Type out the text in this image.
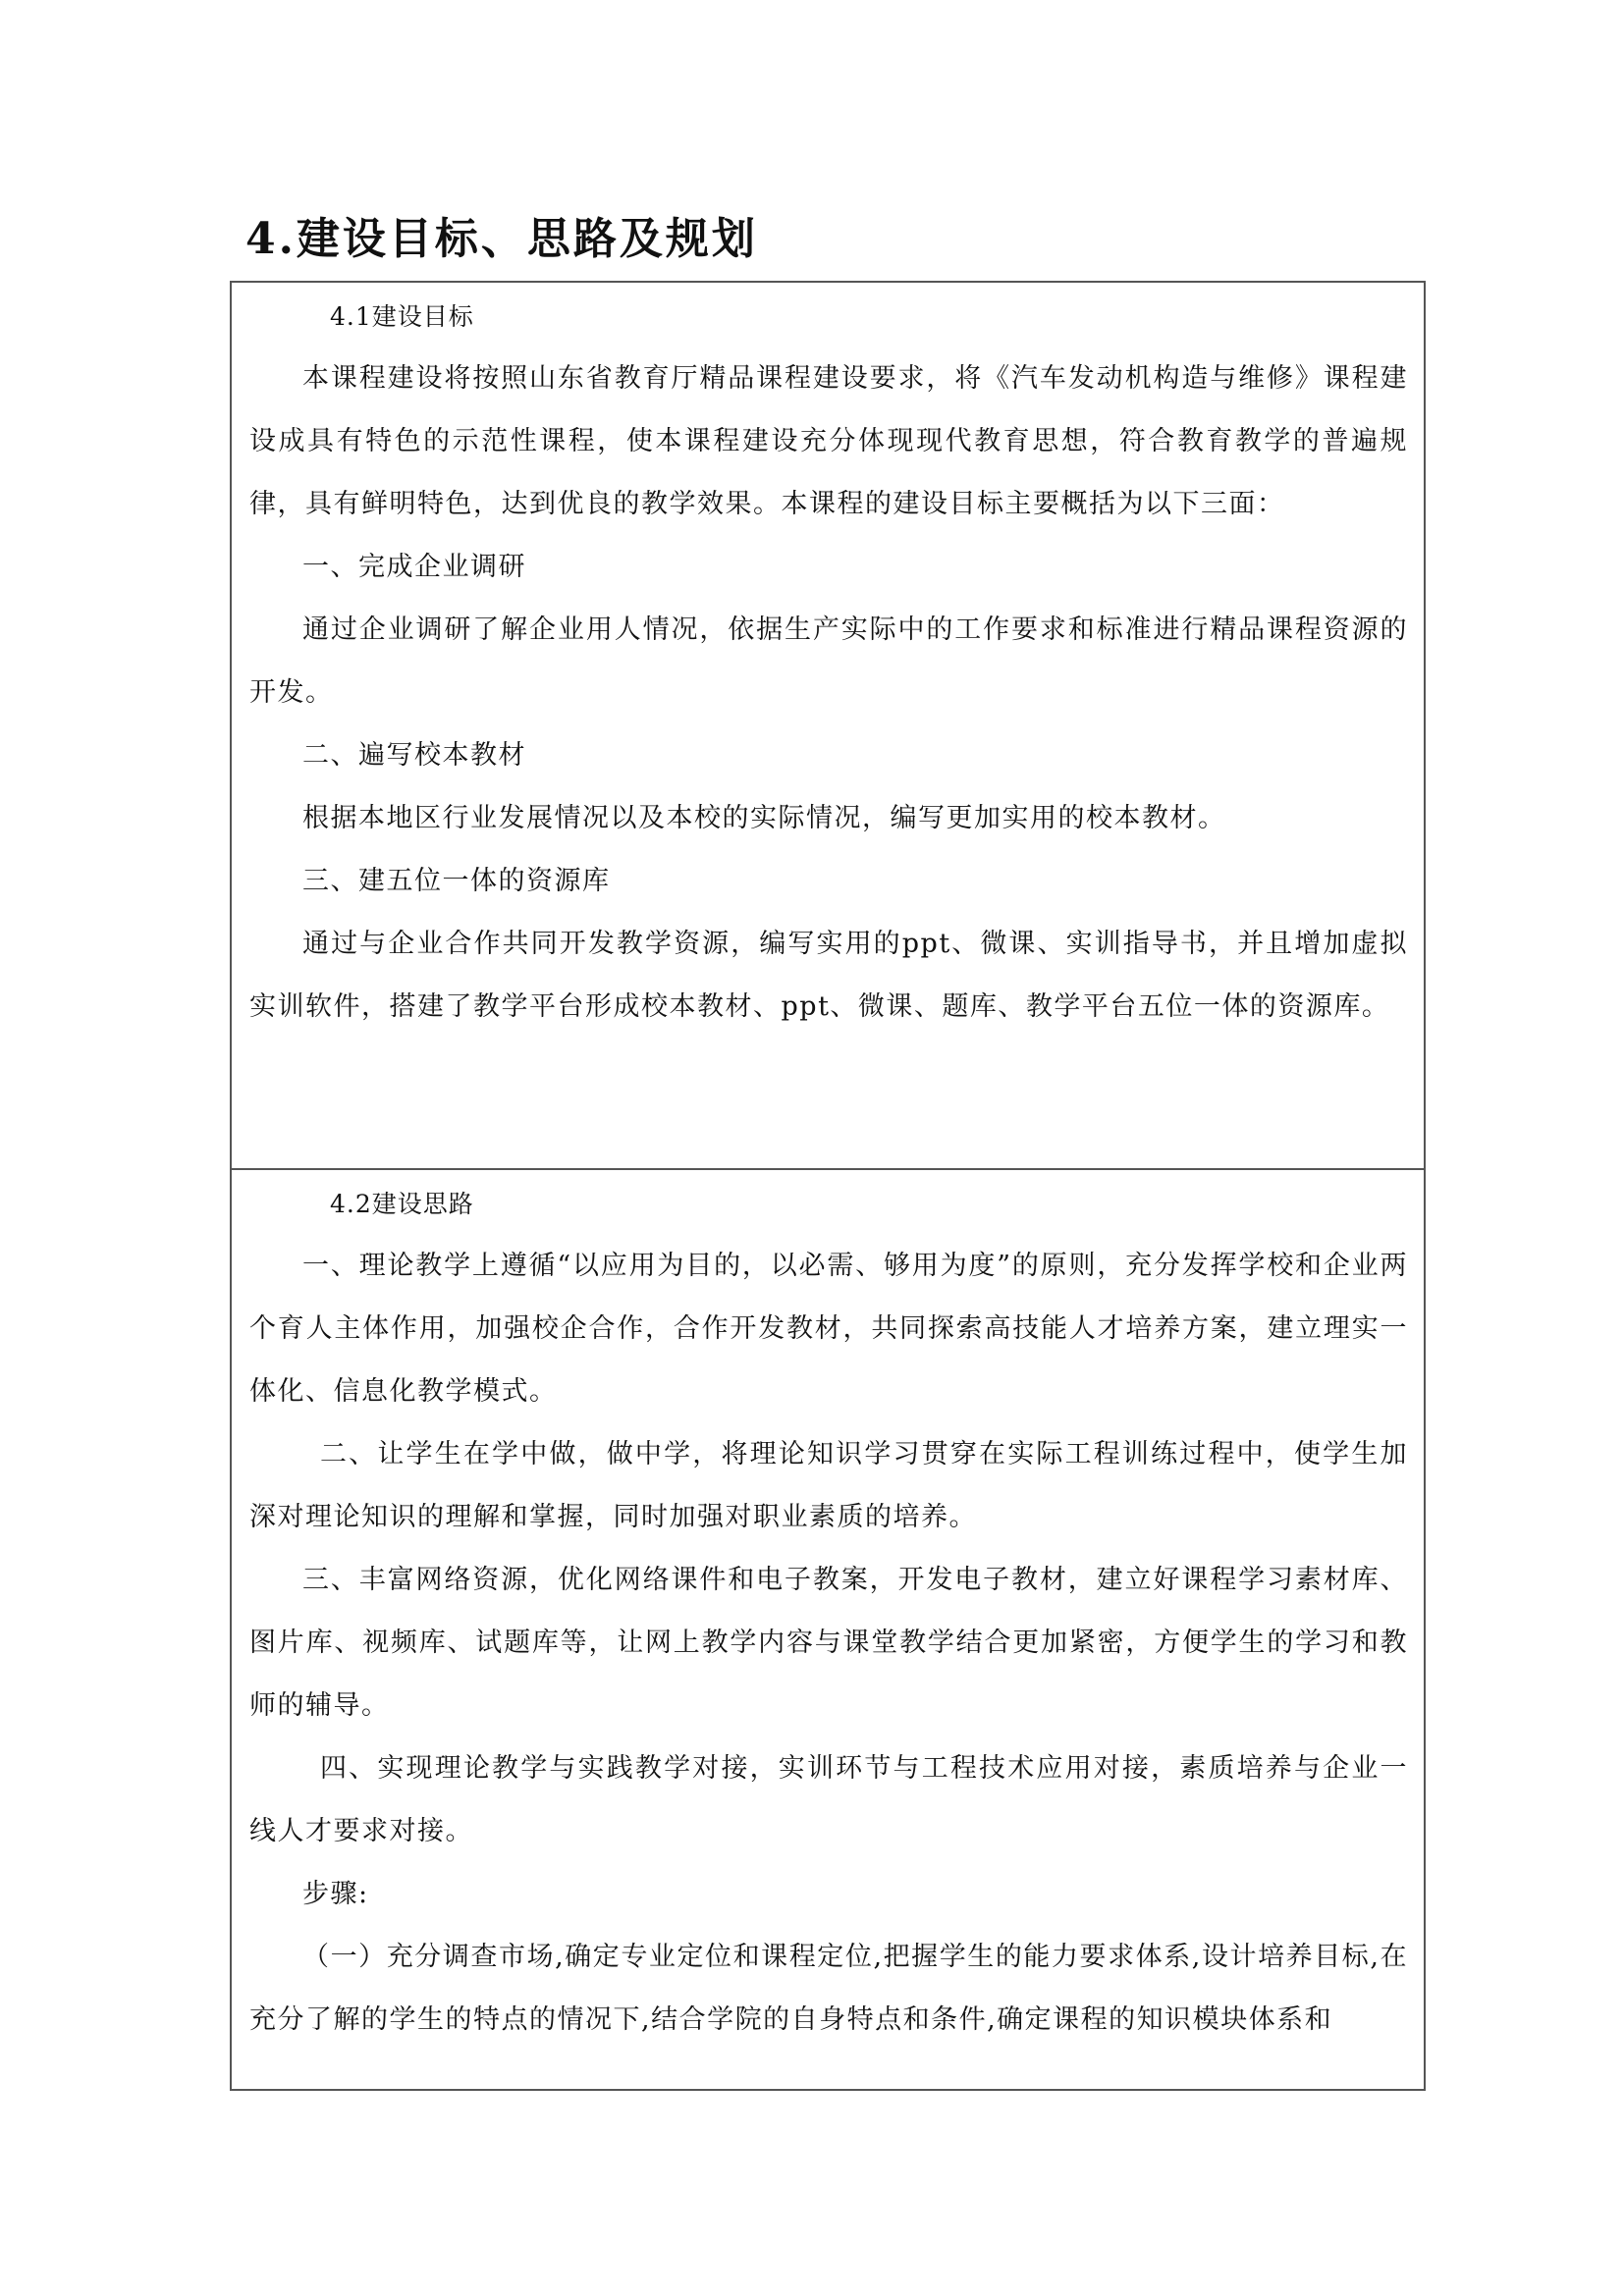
4.建设目标、思路及规划

4.1建设目标

本课程建设将按照山东省教育厅精品课程建设要求，将《汽车发动机构造与维修》课程建设成具有特色的示范性课程，使本课程建设充分体现现代教育思想，符合教育教学的普遍规律，具有鲜明特色，达到优良的教学效果。本课程的建设目标主要概括为以下三面：

一、完成企业调研

通过企业调研了解企业用人情况，依据生产实际中的工作要求和标准进行精品课程资源的开发。

二、遍写校本教材

根据本地区行业发展情况以及本校的实际情况，编写更加实用的校本教材。

三、建五位一体的资源库

通过与企业合作共同开发教学资源，编写实用的ppt、微课、实训指导书，并且增加虚拟实训软件，搭建了教学平台形成校本教材、ppt、微课、题库、教学平台五位一体的资源库。

4.2建设思路

一、理论教学上遵循“以应用为目的，以必需、够用为度”的原则，充分发挥学校和企业两个育人主体作用，加强校企合作，合作开发教材，共同探索高技能人才培养方案，建立理实一体化、信息化教学模式。

二、让学生在学中做，做中学，将理论知识学习贯穿在实际工程训练过程中，使学生加深对理论知识的理解和掌握，同时加强对职业素质的培养。

三、丰富网络资源，优化网络课件和电子教案，开发电子教材，建立好课程学习素材库、图片库、视频库、试题库等，让网上教学内容与课堂教学结合更加紧密，方便学生的学习和教师的辅导。

四、实现理论教学与实践教学对接，实训环节与工程技术应用对接，素质培养与企业一线人才要求对接。

步骤:

（一）充分调查市场,确定专业定位和课程定位,把握学生的能力要求体系,设计培养目标,在充分了解的学生的特点的情况下,结合学院的自身特点和条件,确定课程的知识模块体系和
